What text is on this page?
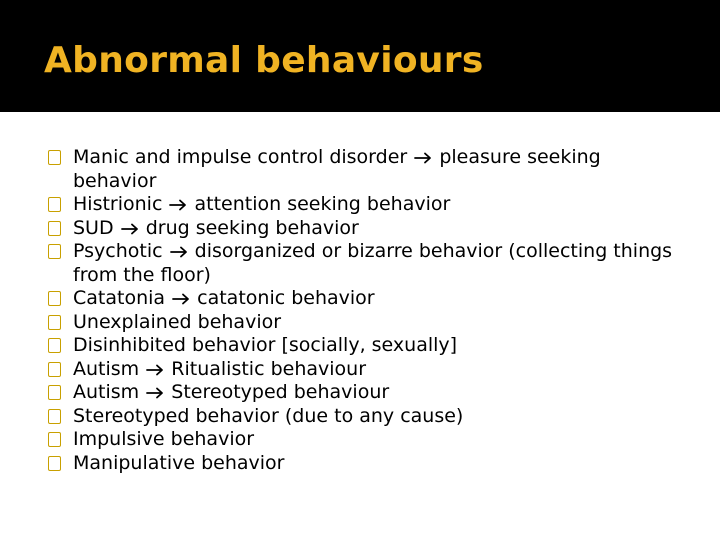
Abnormal behaviours
Manic and impulse control disorder pleasure seeking behavior
Histrionic attention seeking behavior
SUD drug seeking behavior
Psychotic disorganized or bizarre behavior (collecting things from the floor)
Catatonia catatonic behavior
Unexplained behavior
Disinhibited behavior [socially, sexually]
Autism Ritualistic behaviour
Autism Stereotyped behaviour
Stereotyped behavior (due to any cause)
Impulsive behavior
Manipulative behavior
